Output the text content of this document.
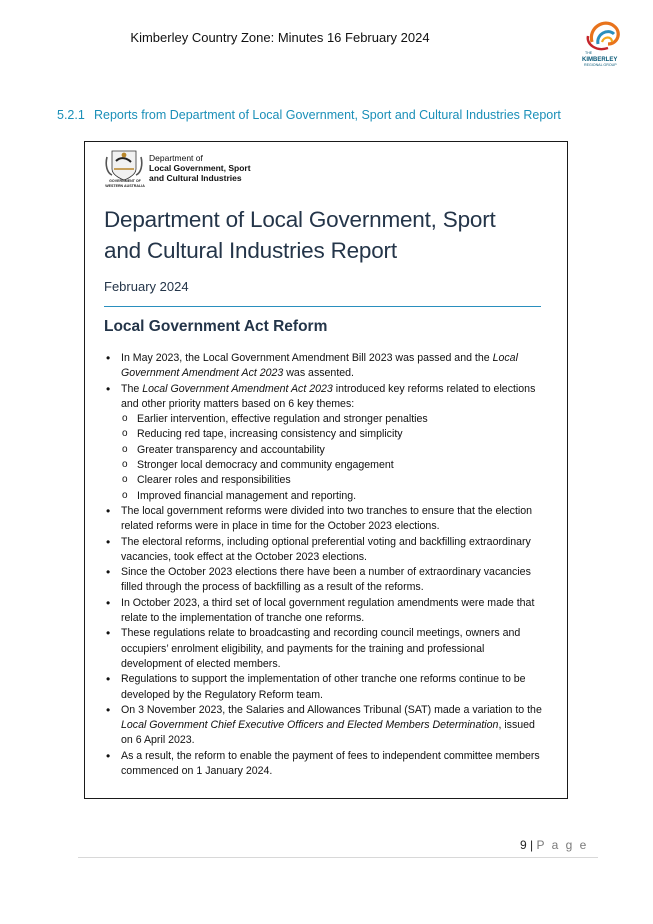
Kimberley Country Zone: Minutes 16 February 2024
THE
KIMBERLEY
REGIONAL GROUP
5.2.1 Reports from Department of Local Government, Sport and Cultural Industries Report
GOVERNMENT OF
WESTERN AUSTRALIA
Department of
Local Government, Sport
and Cultural Industries
Department of Local Government, Sport
and Cultural Industries Report
February 2024
Local Government Act Reform
• In May 2023, the Local Government Amendment Bill 2023 was passed and the Local Government Amendment Act 2023 was assented.
• The Local Government Amendment Act 2023 introduced key reforms related to elections and other priority matters based on 6 key themes:
o Earlier intervention, effective regulation and stronger penalties
o Reducing red tape, increasing consistency and simplicity
o Greater transparency and accountability
o Stronger local democracy and community engagement
o Clearer roles and responsibilities
o Improved financial management and reporting.
• The local government reforms were divided into two tranches to ensure that the election related reforms were in place in time for the October 2023 elections.
• The electoral reforms, including optional preferential voting and backfilling extraordinary vacancies, took effect at the October 2023 elections.
• Since the October 2023 elections there have been a number of extraordinary vacancies filled through the process of backfilling as a result of the reforms.
• In October 2023, a third set of local government regulation amendments were made that relate to the implementation of tranche one reforms.
• These regulations relate to broadcasting and recording council meetings, owners and occupiers’ enrolment eligibility, and payments for the training and professional development of elected members.
• Regulations to support the implementation of other tranche one reforms continue to be developed by the Regulatory Reform team.
• On 3 November 2023, the Salaries and Allowances Tribunal (SAT) made a variation to the Local Government Chief Executive Officers and Elected Members Determination, issued on 6 April 2023.
• As a result, the reform to enable the payment of fees to independent committee members commenced on 1 January 2024.
9 | P a g e
